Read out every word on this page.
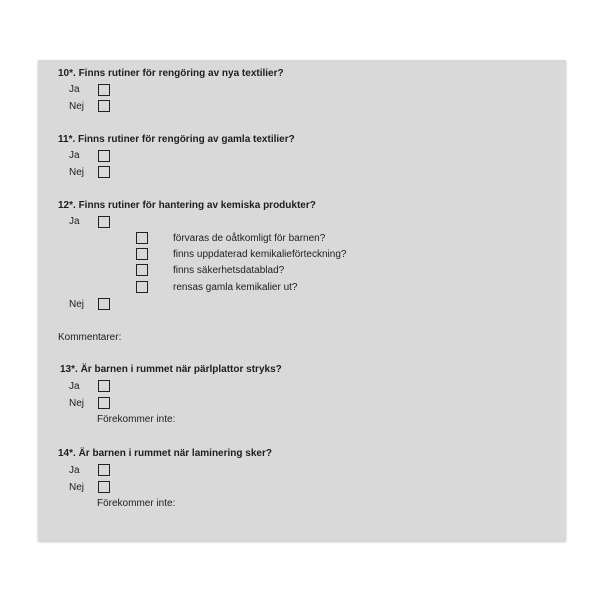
10*. Finns rutiner för rengöring av nya textilier?
Ja
Nej
11*. Finns rutiner för rengöring av gamla textilier?
Ja
Nej
12*. Finns rutiner för hantering av kemiska produkter?
Ja
förvaras de oåtkomligt för barnen?
finns uppdaterad kemikalieförteckning?
finns säkerhetsdatablad?
rensas gamla kemikalier ut?
Nej
Kommentarer:
13*. Är barnen i rummet när pärlplattor stryks?
Ja
Nej
Förekommer inte:
14*. Är barnen i rummet när laminering sker?
Ja
Nej
Förekommer inte:
